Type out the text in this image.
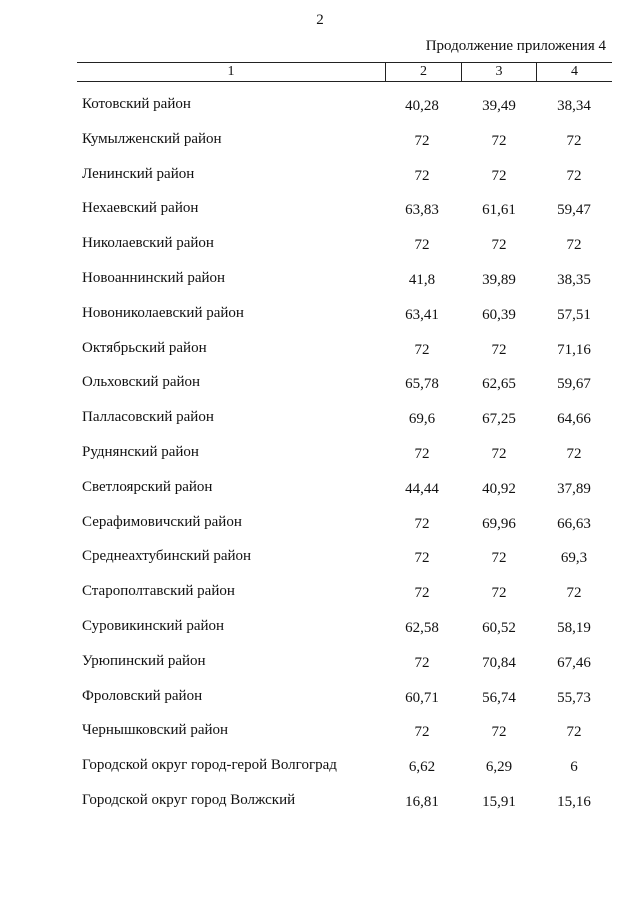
2
Продолжение приложения 4
1	2	3	4
Котовский район	40,28	39,49	38,34
Кумылженский район	72	72	72
Ленинский район	72	72	72
Нехаевский район	63,83	61,61	59,47
Николаевский район	72	72	72
Новоаннинский район	41,8	39,89	38,35
Новониколаевский район	63,41	60,39	57,51
Октябрьский район	72	72	71,16
Ольховский район	65,78	62,65	59,67
Палласовский район	69,6	67,25	64,66
Руднянский район	72	72	72
Светлоярский район	44,44	40,92	37,89
Серафимовичский район	72	69,96	66,63
Среднеахтубинский район	72	72	69,3
Старополтавский район	72	72	72
Суровикинский район	62,58	60,52	58,19
Урюпинский район	72	70,84	67,46
Фроловский район	60,71	56,74	55,73
Чернышковский район	72	72	72
Городской округ город-герой Волгоград	6,62	6,29	6
Городской округ город Волжский	16,81	15,91	15,16
